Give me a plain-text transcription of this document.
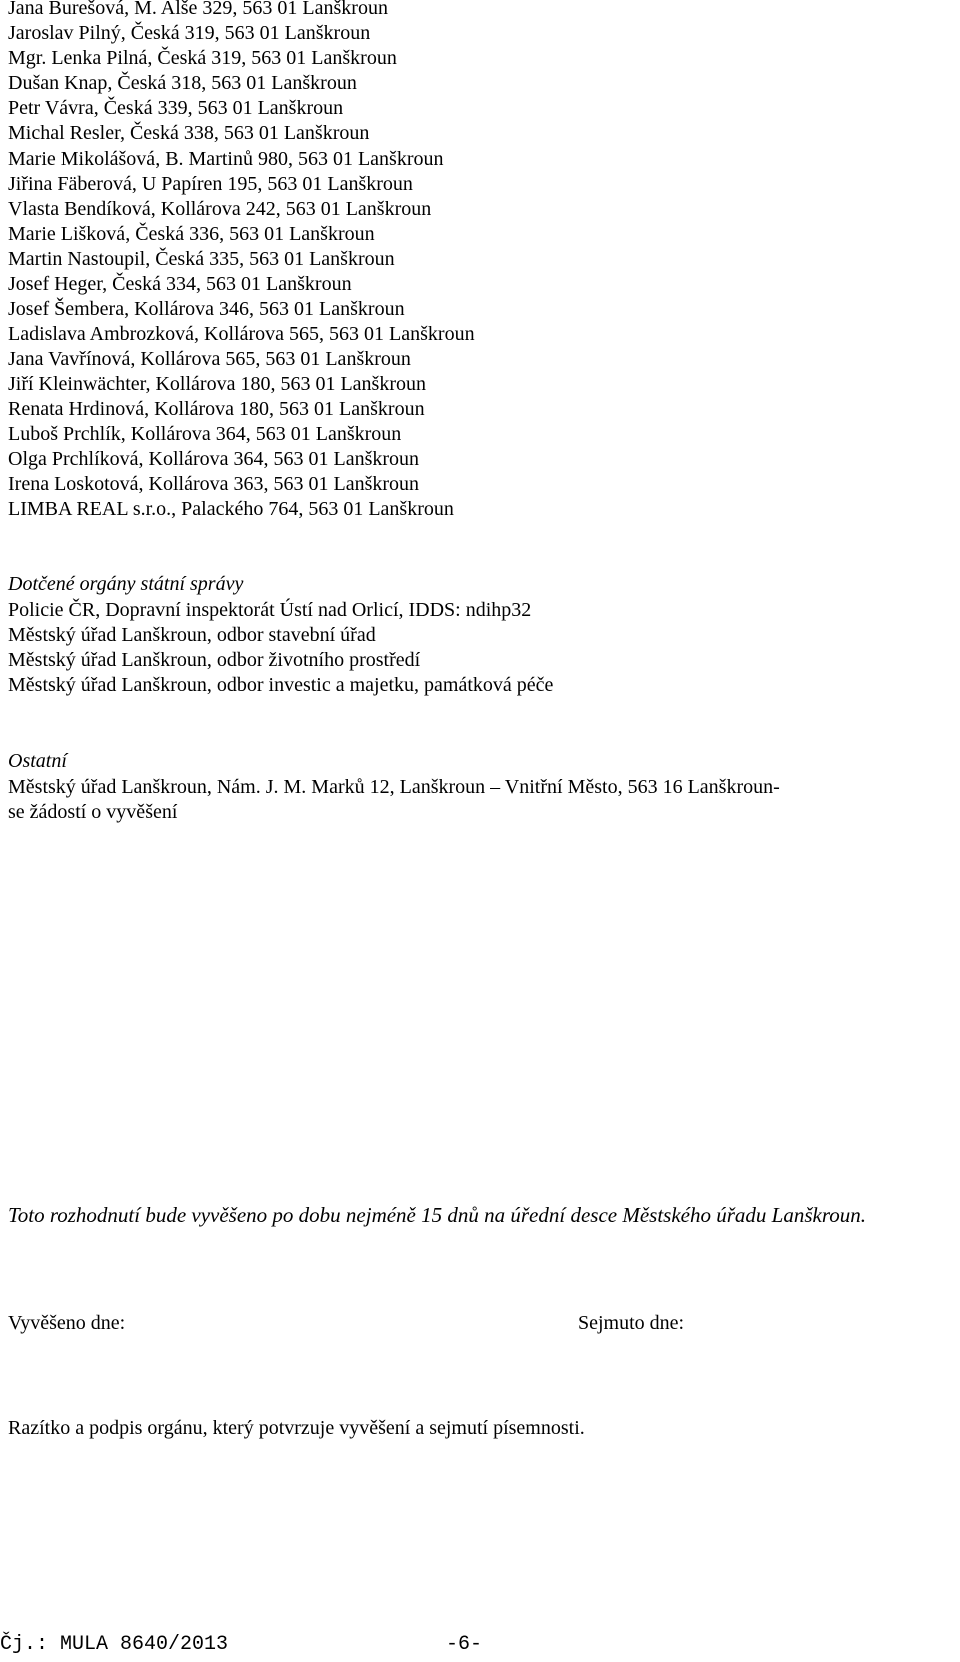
Jana Burešová, M. Alše 329, 563 01 Lanškroun
Jaroslav Pilný, Česká 319, 563 01 Lanškroun
Mgr. Lenka Pilná, Česká 319, 563 01 Lanškroun
Dušan Knap, Česká 318, 563 01 Lanškroun
Petr Vávra, Česká 339, 563 01 Lanškroun
Michal Resler, Česká 338, 563 01 Lanškroun
Marie Mikolášová, B. Martinů 980, 563 01 Lanškroun
Jiřina Fäberová, U Papíren 195, 563 01 Lanškroun
Vlasta Bendíková, Kollárova 242, 563 01 Lanškroun
Marie Lišková, Česká 336, 563 01 Lanškroun
Martin Nastoupil, Česká 335, 563 01 Lanškroun
Josef Heger, Česká 334, 563 01 Lanškroun
Josef Šembera, Kollárova 346, 563 01 Lanškroun
Ladislava Ambrozková, Kollárova 565, 563 01 Lanškroun
Jana Vavřínová, Kollárova 565, 563 01 Lanškroun
Jiří Kleinwächter, Kollárova 180, 563 01 Lanškroun
Renata Hrdinová, Kollárova 180, 563 01 Lanškroun
Luboš Prchlík, Kollárova 364, 563 01 Lanškroun
Olga Prchlíková, Kollárova 364, 563 01 Lanškroun
Irena Loskotová, Kollárova 363, 563 01 Lanškroun
LIMBA REAL s.r.o., Palackého 764, 563 01 Lanškroun
Dotčené orgány státní správy
Policie ČR, Dopravní inspektorát Ústí nad Orlicí, IDDS: ndihp32
Městský úřad Lanškroun, odbor stavební úřad
Městský úřad Lanškroun, odbor životního prostředí
Městský úřad Lanškroun, odbor investic a majetku, památková péče
Ostatní
Městský úřad Lanškroun, Nám. J. M. Marků 12, Lanškroun – Vnitřní Město, 563 16 Lanškroun-
se žádostí o vyvěšení
Toto rozhodnutí bude vyvěšeno po dobu nejméně 15 dnů na úřední desce Městského úřadu Lanškroun.
Vyvěšeno dne:	Sejmuto dne:
Razítko a podpis orgánu, který potvrzuje vyvěšení a sejmutí písemnosti.
Čj.: MULA 8640/2013	-6-
